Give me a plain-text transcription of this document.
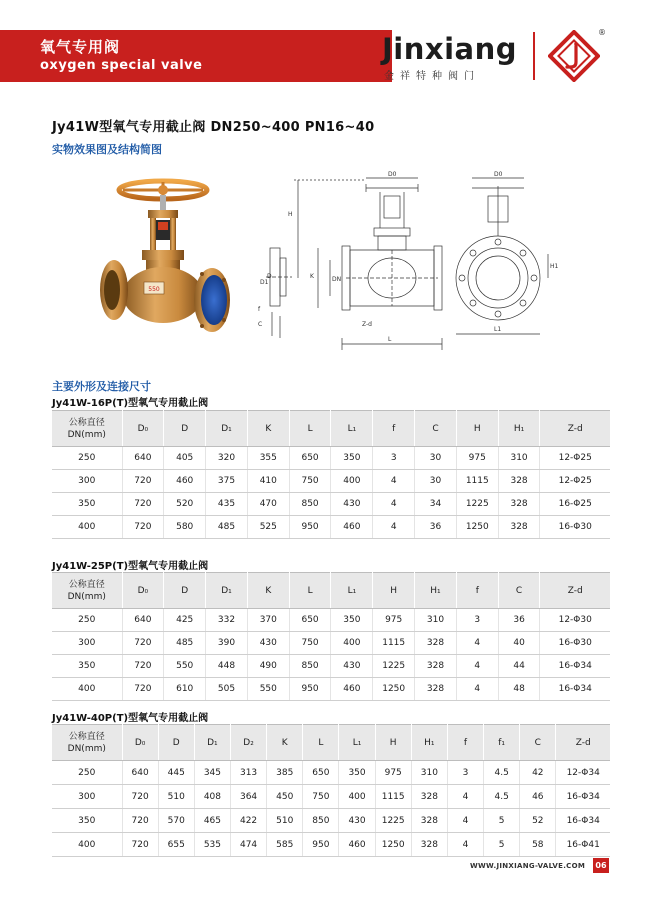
氧气专用阀
oxygen special valve	Jinxiang
金祥特种阀门
®
Jy41W型氧气专用截止阀 DN250~400 PN16~40
实物效果图及结构简图
550
D1
D
f
C
D0
H
K	DN
Z-d
L
D0
H1
L1
主要外形及连接尺寸
Jy41W-16P(T)型氧气专用截止阀
公称直径
DN(mm)	D₀	D	D₁	K	L	L₁	f	C	H	H₁	Z-d
250	640	405	320	355	650	350	3	30	975	310	12-Φ25
300	720	460	375	410	750	400	4	30	1115	328	12-Φ25
350	720	520	435	470	850	430	4	34	1225	328	16-Φ25
400	720	580	485	525	950	460	4	36	1250	328	16-Φ30
Jy41W-25P(T)型氧气专用截止阀
公称直径
DN(mm)	D₀	D	D₁	K	L	L₁	H	H₁	f	C	Z-d
250	640	425	332	370	650	350	975	310	3	36	12-Φ30
300	720	485	390	430	750	400	1115	328	4	40	16-Φ30
350	720	550	448	490	850	430	1225	328	4	44	16-Φ34
400	720	610	505	550	950	460	1250	328	4	48	16-Φ34
Jy41W-40P(T)型氧气专用截止阀
公称直径
DN(mm)	D₀	D	D₁	D₂	K	L	L₁	H	H₁	f	f₁	C	Z-d
250	640	445	345	313	385	650	350	975	310	3	4.5	42	12-Φ34
300	720	510	408	364	450	750	400	1115	328	4	4.5	46	16-Φ34
350	720	570	465	422	510	850	430	1225	328	4	5	52	16-Φ34
400	720	655	535	474	585	950	460	1250	328	4	5	58	16-Φ41
WWW.JINXIANG-VALVE.COM	06
